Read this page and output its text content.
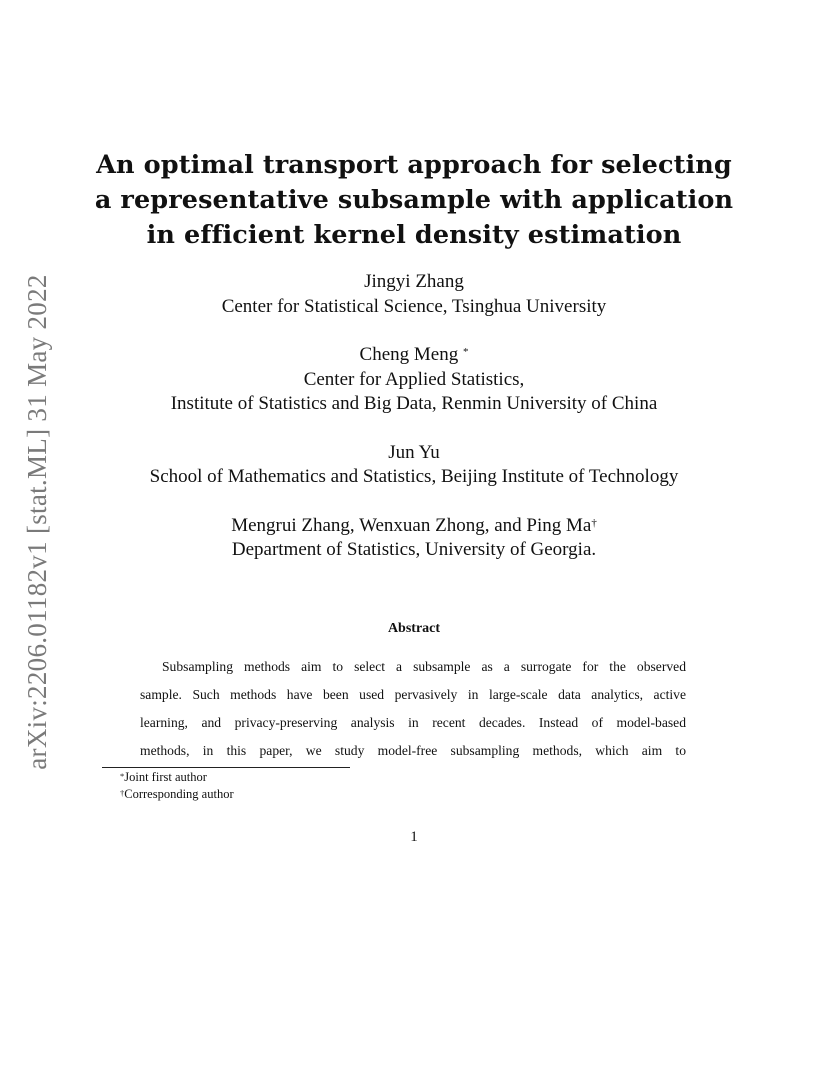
arXiv:2206.01182v1 [stat.ML] 31 May 2022
An optimal transport approach for selecting
a representative subsample with application
in efficient kernel density estimation

Jingyi Zhang

Center for Statistical Science, Tsinghua University

Cheng Meng *

Center for Applied Statistics,

Institute of Statistics and Big Data, Renmin University of China

Jun Yu

School of Mathematics and Statistics, Beijing Institute of Technology

Mengrui Zhang, Wenxuan Zhong, and Ping Ma†

Department of Statistics, University of Georgia.

Abstract
Subsampling methods aim to select a subsample as a surrogate for the observed
sample. Such methods have been used pervasively in large-scale data analytics, active
learning, and privacy-preserving analysis in recent decades. Instead of model-based
methods, in this paper, we study model-free subsampling methods, which aim to

*Joint first author

†Corresponding author

1
